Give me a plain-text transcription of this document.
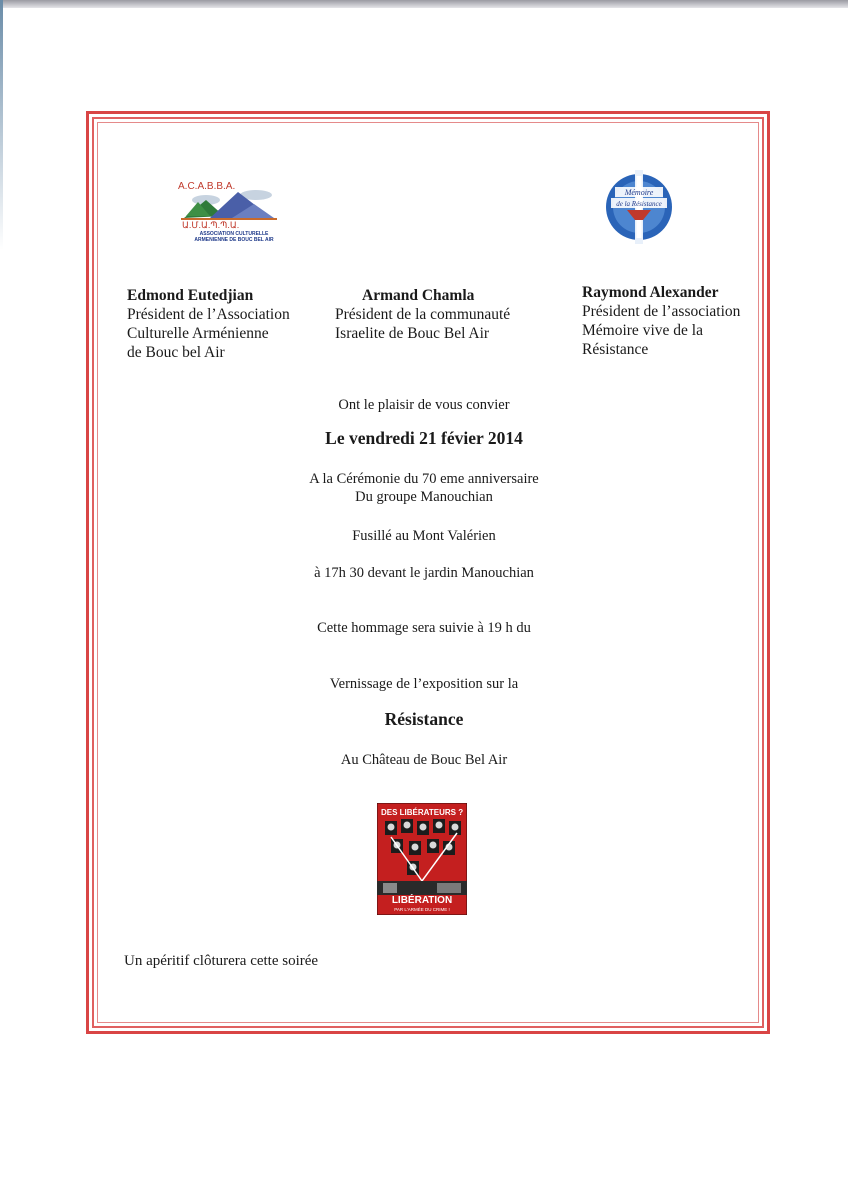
A.C.A.B.B.A.
Ա.Մ.Ա.Պ.Պ.Ա.
ASSOCIATION CULTURELLE
ARMENIENNE DE BOUC BEL AIR
Mémoire
de la Résistance
Edmond Eutedjian
Président de l’Association
Culturelle Arménienne
de Bouc bel Air
Armand Chamla
Président de la communauté
Israelite de Bouc Bel Air
Raymond Alexander
Président de l’association
Mémoire vive de la
Résistance
Ont le plaisir de vous convier
Le vendredi 21 févier 2014
A la Cérémonie du 70 eme anniversaire
Du groupe Manouchian
Fusillé au Mont Valérien
à 17h 30 devant le jardin Manouchian
Cette hommage sera suivie à 19 h du
Vernissage de l’exposition sur la
Résistance
Au Château de Bouc Bel Air
DES LIBÉRATEURS ?
LIBÉRATION
PAR L'ARMÉE DU CRIME !
Un apéritif clôturera cette soirée
